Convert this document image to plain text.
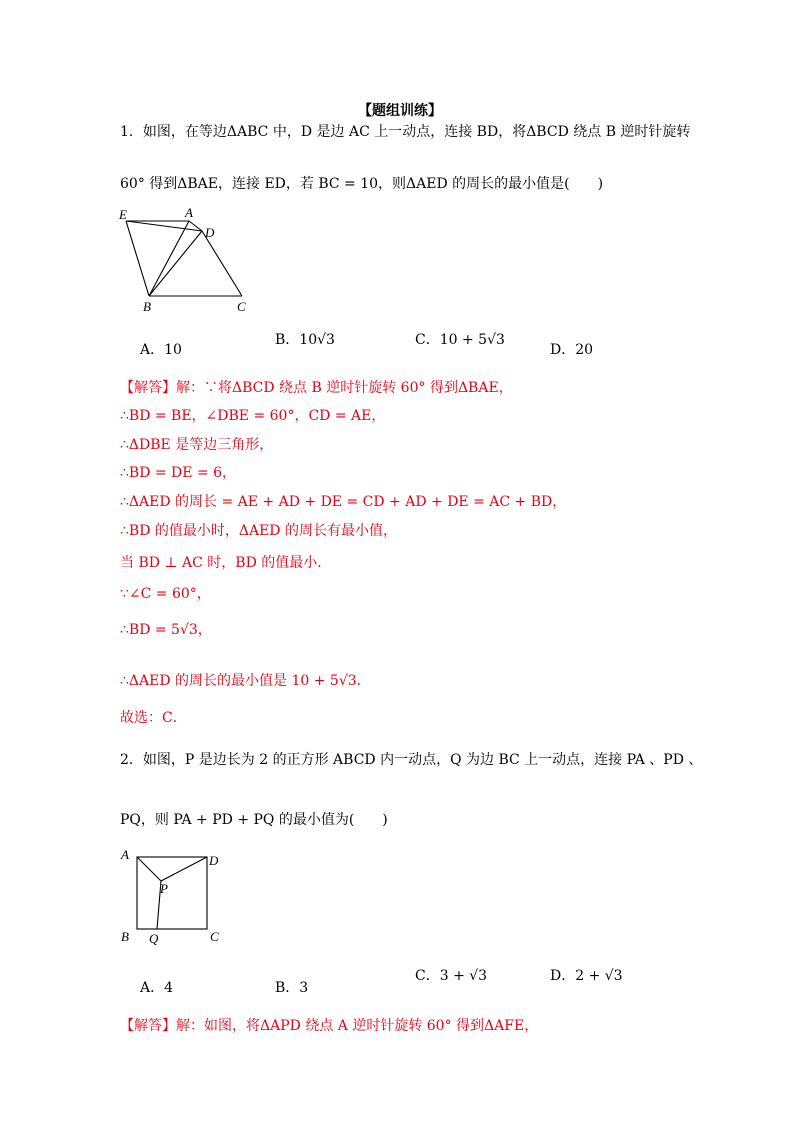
【题组训练】
1．如图，在等边ΔABC 中，D 是边 AC 上一动点，连接 BD，将ΔBCD 绕点 B 逆时针旋转
60° 得到ΔBAE，连接 ED，若 BC = 10，则ΔAED 的周长的最小值是(　　)
E	A
D
B	C
A．10
B．10√3	C．10 + 5√3
D．20
【解答】解：∵将ΔBCD 绕点 B 逆时针旋转 60° 得到ΔBAE，
∴BD = BE，∠DBE = 60°，CD = AE，
∴ΔDBE 是等边三角形，
∴BD = DE = 6，
∴ΔAED 的周长 = AE + AD + DE = CD + AD + DE = AC + BD，
∴BD 的值最小时，ΔAED 的周长有最小值，
当 BD ⊥ AC 时，BD 的值最小．
∵∠C = 60°，
∴BD = 5√3，
∴ΔAED 的周长的最小值是 10 + 5√3．
故选：C．
2．如图，P 是边长为 2 的正方形 ABCD 内一动点，Q 为边 BC 上一动点，连接 PA 、PD 、
PQ，则 PA + PD + PQ 的最小值为(　　)
A	D
P
B Q	C
A．4	B．3
C．3 + √3	D．2 + √3
【解答】解：如图，将ΔAPD 绕点 A 逆时针旋转 60° 得到ΔAFE，
